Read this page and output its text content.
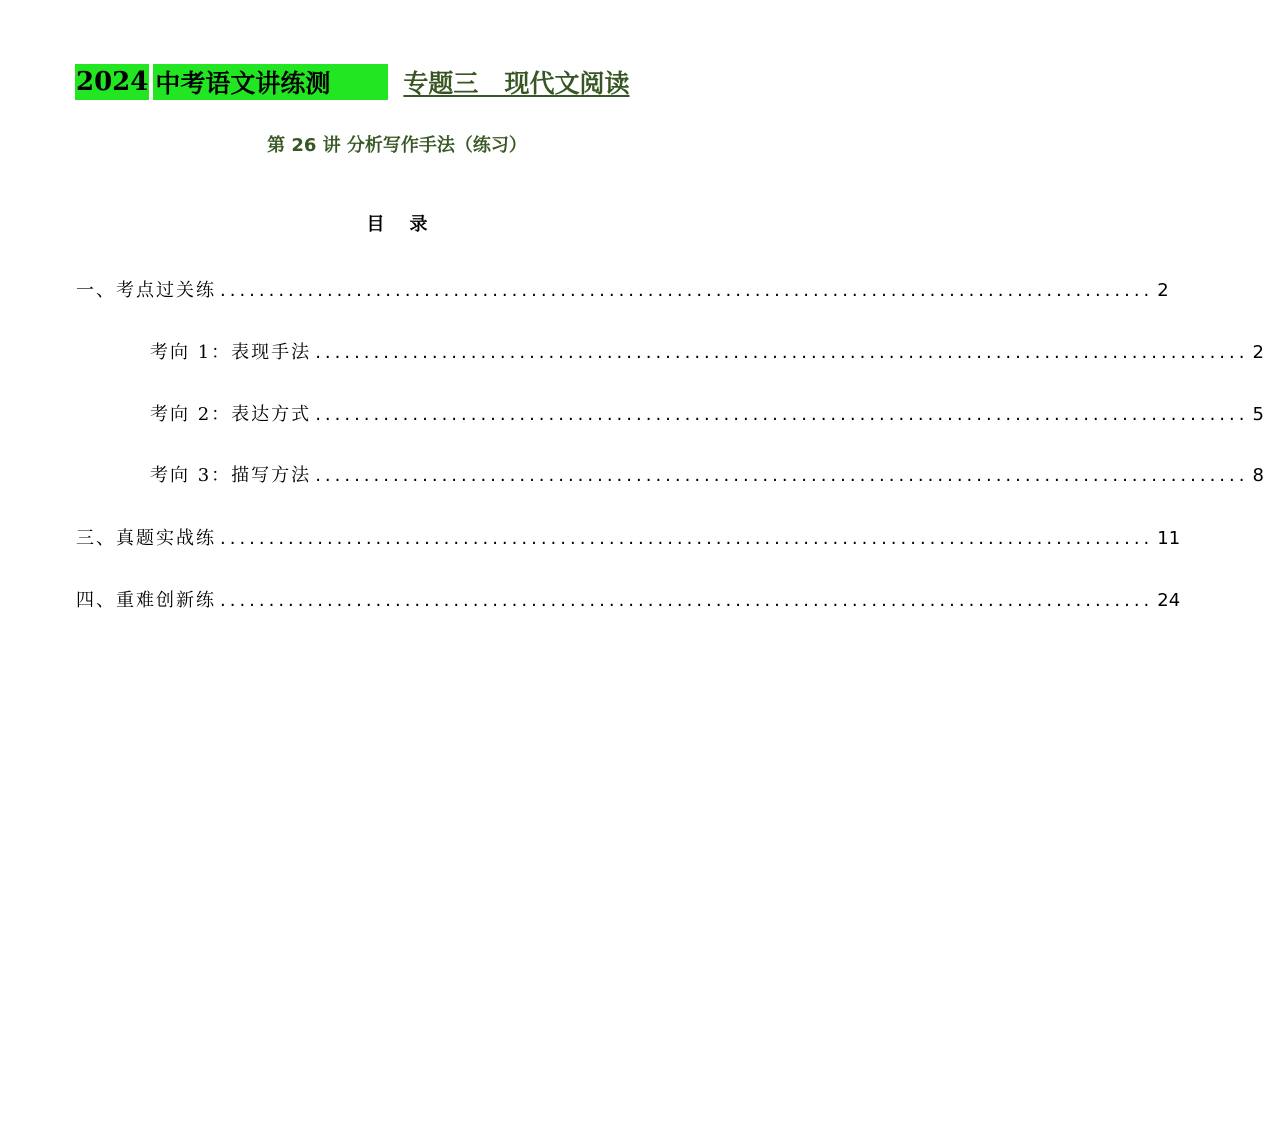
2024 中考语文讲练测	专题三   现代文阅读
第 26 讲 分析写作手法（练习）
目    录
一、考点过关练 ................................................................................................ 2
考向 1：表现手法 ................................................................................................ 2
考向 2：表达方式 ................................................................................................ 5
考向 3：描写方法 ................................................................................................ 8
三、真题实战练 ................................................................................................ 11
四、重难创新练 ................................................................................................ 24
